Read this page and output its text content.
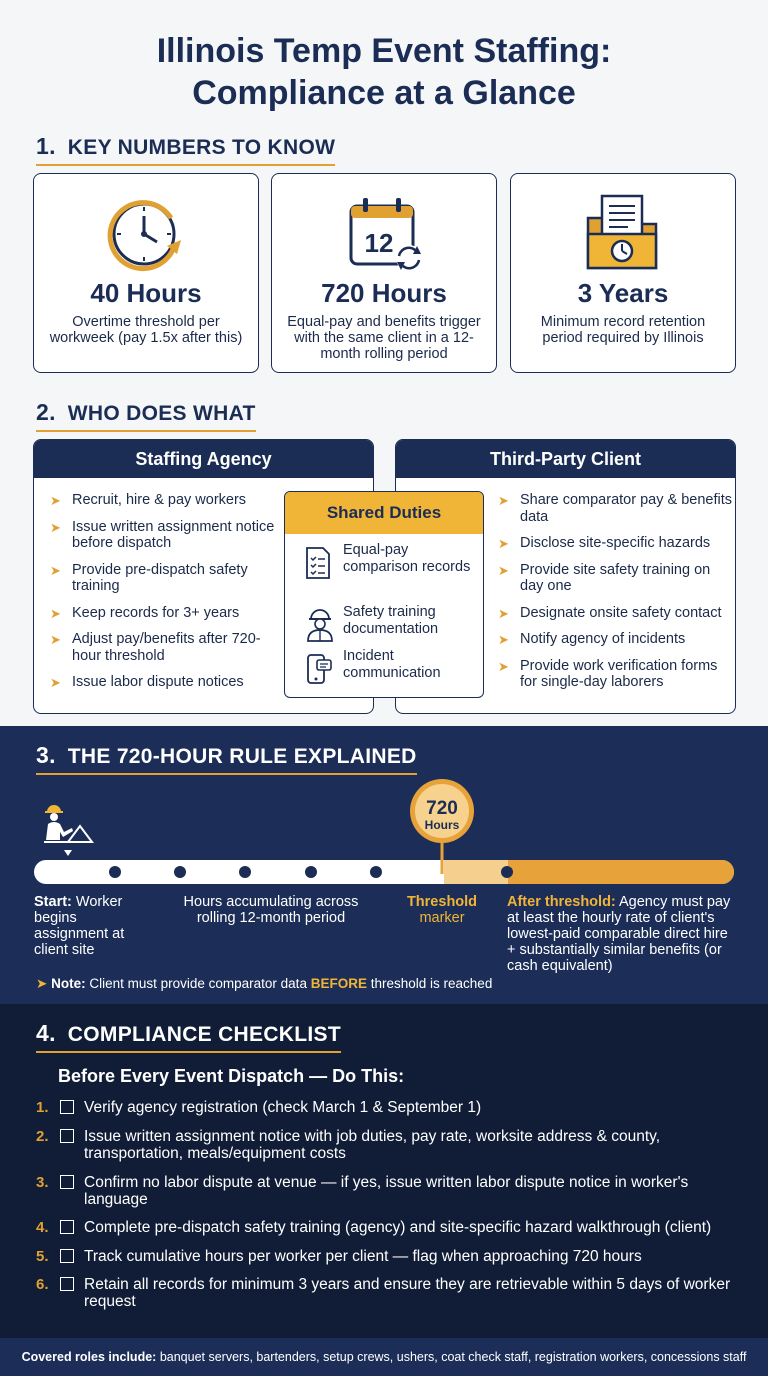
Illinois Temp Event Staffing:
Compliance at a Glance
1. KEY NUMBERS TO KNOW
40 Hours
Overtime threshold per workweek (pay 1.5x after this)
12
720 Hours
Equal-pay and benefits trigger with the same client in a 12-month rolling period
3 Years
Minimum record retention period required by Illinois
2. WHO DOES WHAT
Staffing Agency
➤ Recruit, hire & pay workers
➤ Issue written assignment notice before dispatch
➤ Provide pre-dispatch safety training
➤ Keep records for 3+ years
➤ Adjust pay/benefits after 720-hour threshold
➤ Issue labor dispute notices
Third-Party Client
➤ Share comparator pay & benefits data
➤ Disclose site-specific hazards
➤ Provide site safety training on day one
➤ Designate onsite safety contact
➤ Notify agency of incidents
➤ Provide work verification forms for single-day laborers
Shared Duties
Equal-pay comparison records
Safety training documentation
Incident communication
3. THE 720-HOUR RULE EXPLAINED
720
Hours
Start: Worker begins assignment at client site
Hours accumulating across rolling 12-month period
Threshold
marker
After threshold: Agency must pay at least the hourly rate of client's lowest-paid comparable direct hire + substantially similar benefits (or cash equivalent)
➤ Note: Client must provide comparator data BEFORE threshold is reached
4. COMPLIANCE CHECKLIST
Before Every Event Dispatch — Do This:
1. Verify agency registration (check March 1 & September 1)
2. Issue written assignment notice with job duties, pay rate, worksite address & county, transportation, meals/equipment costs
3. Confirm no labor dispute at venue — if yes, issue written labor dispute notice in worker's language
4. Complete pre-dispatch safety training (agency) and site-specific hazard walkthrough (client)
5. Track cumulative hours per worker per client — flag when approaching 720 hours
6. Retain all records for minimum 3 years and ensure they are retrievable within 5 days of worker request
Covered roles include: banquet servers, bartenders, setup crews, ushers, coat check staff, registration workers, concessions staff
